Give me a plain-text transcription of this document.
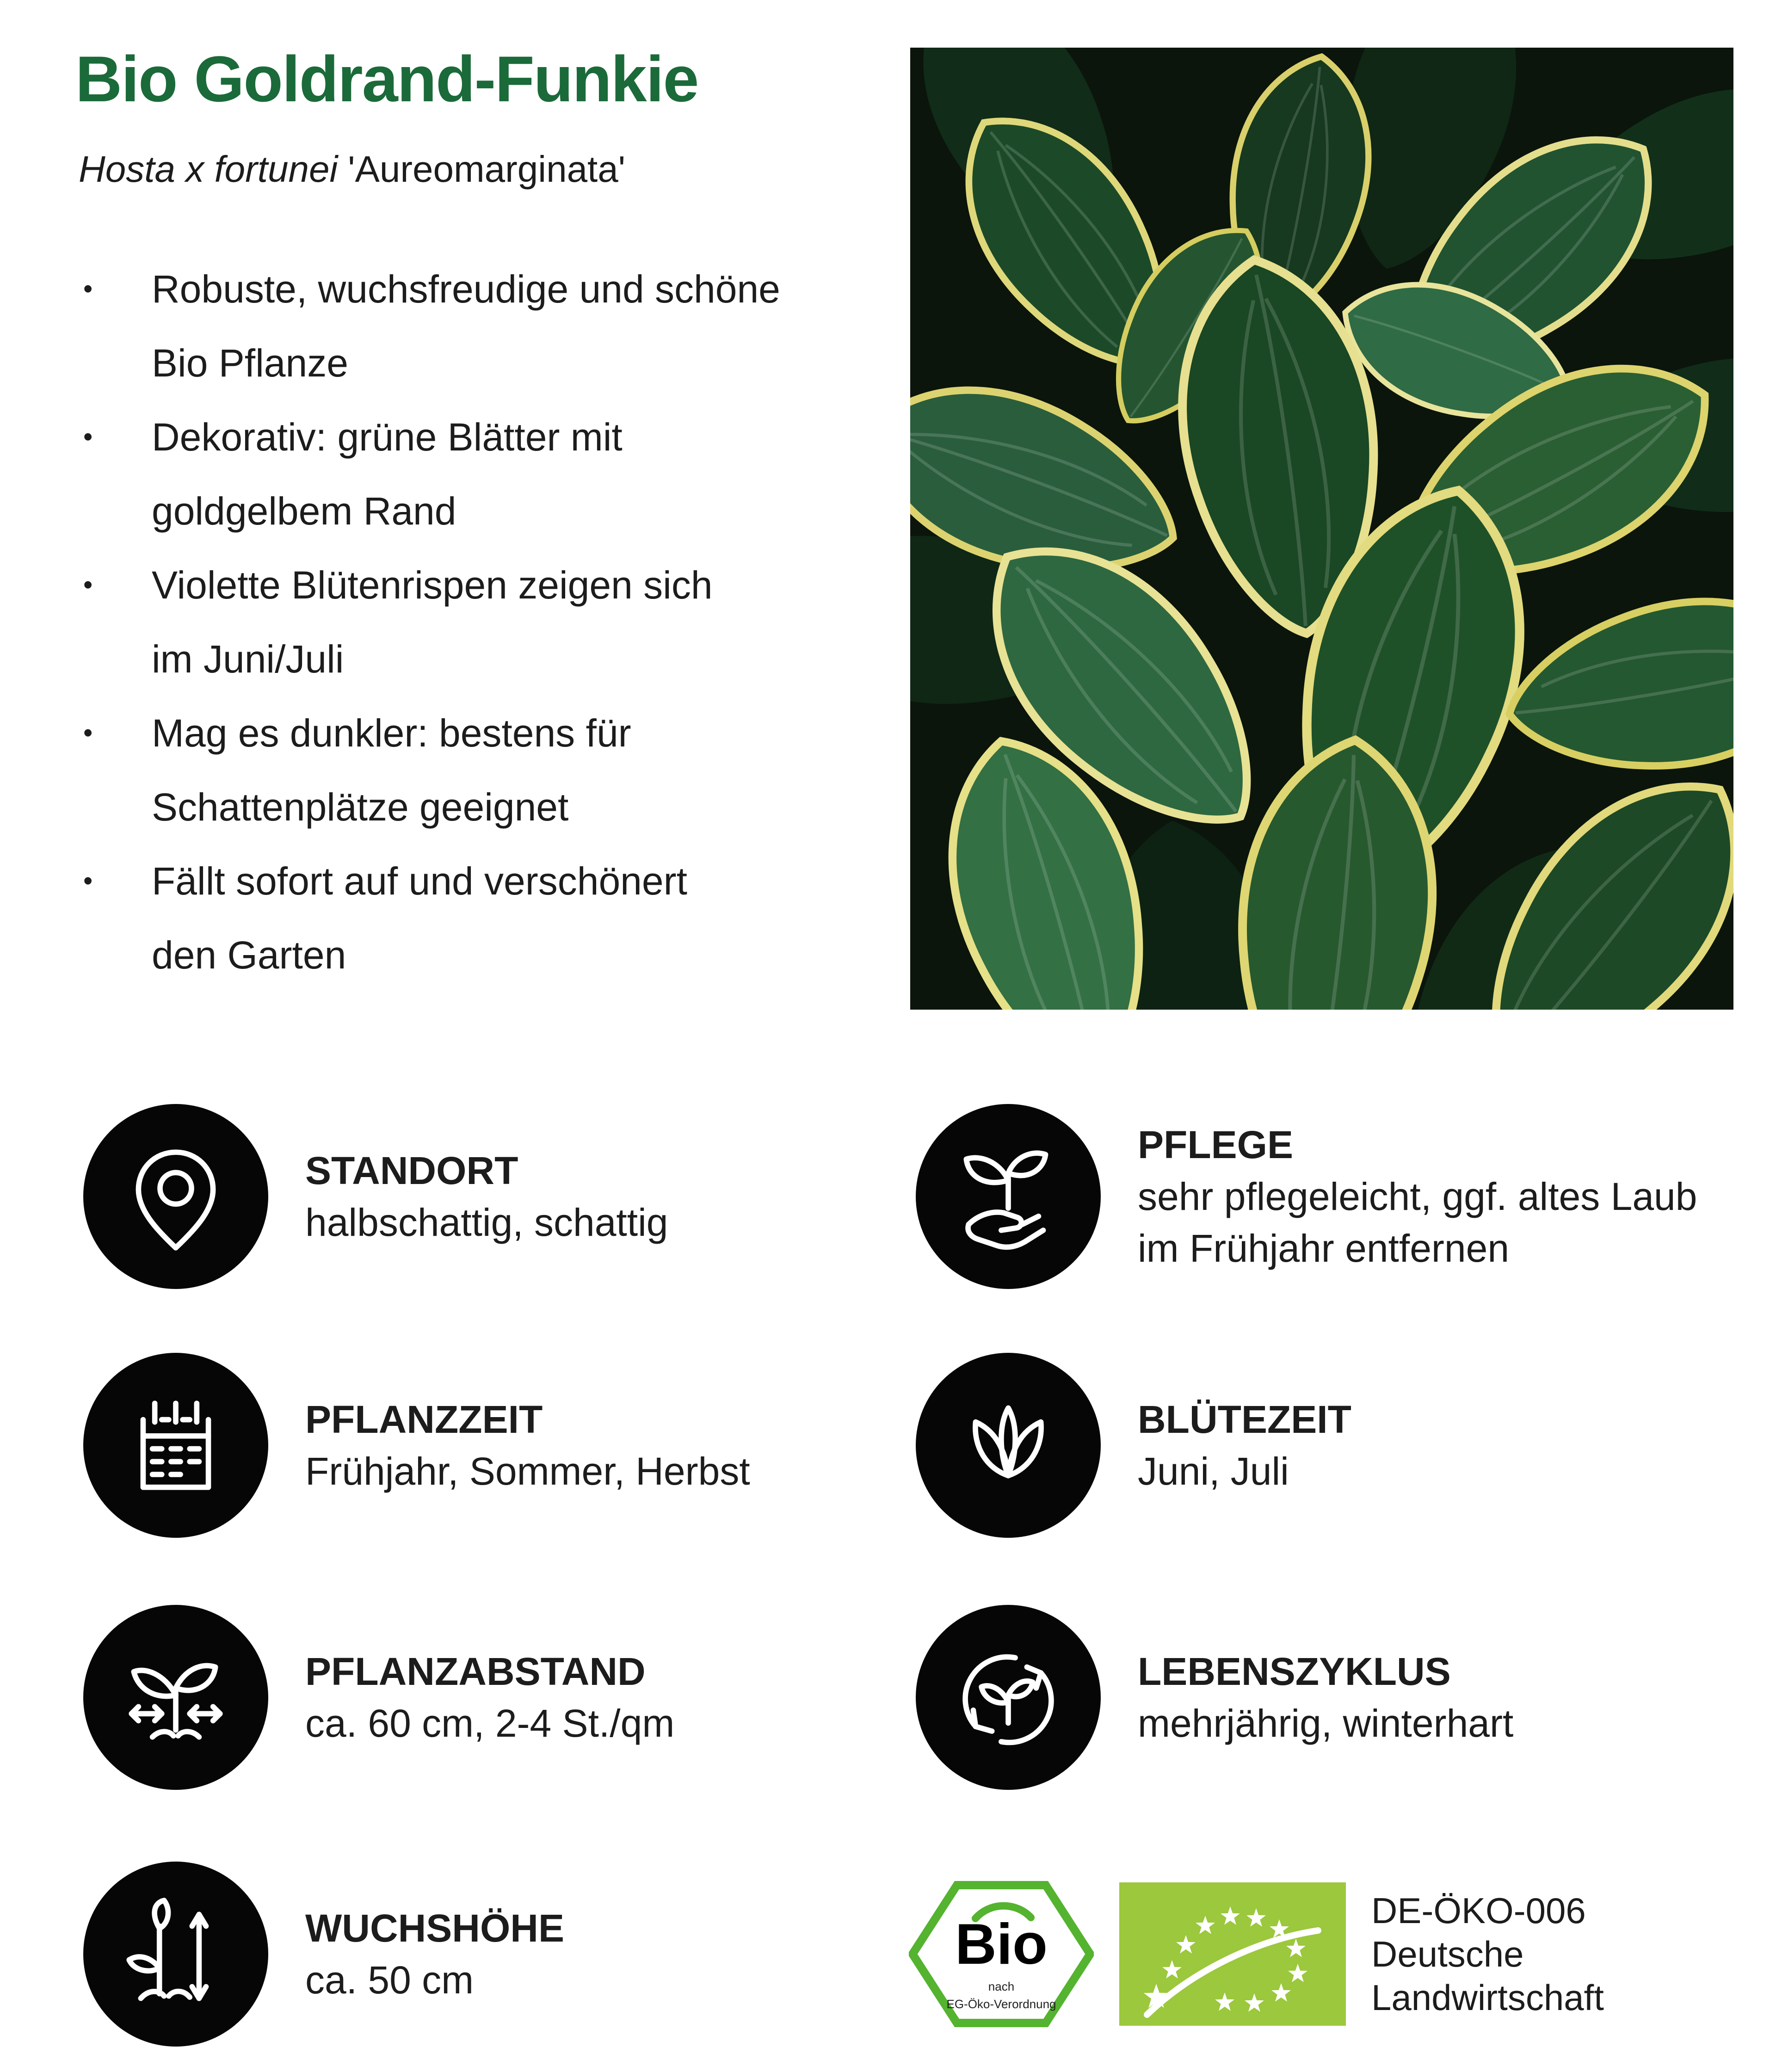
Bio Goldrand-Funkie
Hosta x fortunei 'Aureomarginata'
•	Robuste, wuchsfreudige und schöne
Bio Pflanze
•	Dekorativ: grüne Blätter mit
goldgelbem Rand
•	Violette Blütenrispen zeigen sich
im Juni/Juli
•	Mag es dunkler: bestens für
Schattenplätze geeignet
•	Fällt sofort auf und verschönert
den Garten
STANDORT
halbschattig, schattig
PFLEGE
sehr pflegeleicht, ggf. altes Laub
im Frühjahr entfernen
PFLANZZEIT
Frühjahr, Sommer, Herbst
BLÜTEZEIT
Juni, Juli
PFLANZABSTAND
ca. 60 cm, 2-4 St./qm
LEBENSZYKLUS
mehrjährig, winterhart
WUCHSHÖHE
ca. 50 cm
Bio
nach
EG-Öko-Verordnung
DE-ÖKO-006
Deutsche
Landwirtschaft
